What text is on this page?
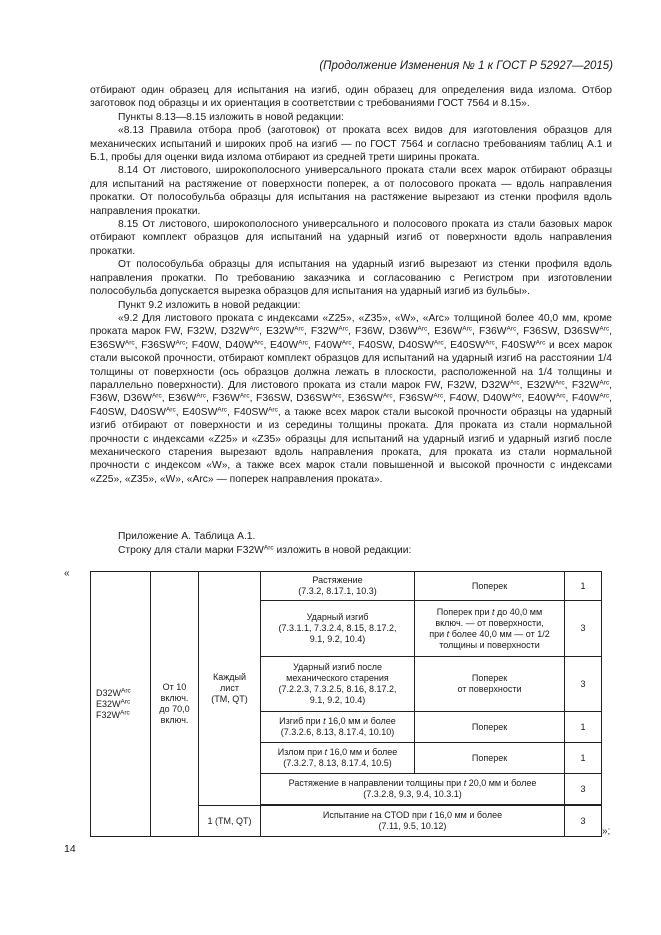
(Продолжение Изменения № 1 к ГОСТ Р 52927—2015)

отбирают один образец для испытания на изгиб, один образец для определения вида излома. Отбор заготовок под образцы и их ориентация в соответствии с требованиями ГОСТ 7564 и 8.15».

Пункты 8.13—8.15 изложить в новой редакции:

«8.13 Правила отбора проб (заготовок) от проката всех видов для изготовления образцов для механических испытаний и широких проб на изгиб — по ГОСТ 7564 и согласно требованиям таблиц А.1 и Б.1, пробы для оценки вида излома отбирают из средней трети ширины проката.

8.14 От листового, широкополосного универсального проката стали всех марок отбирают образцы для испытаний на растяжение от поверхности поперек, а от полосового проката — вдоль направления прокатки. От полособульба образцы для испытания на растяжение вырезают из стенки профиля вдоль направления прокатки.

8.15 От листового, широкополосного универсального и полосового проката из стали базовых марок отбирают комплект образцов для испытаний на ударный изгиб от поверхности вдоль направления прокатки.

От полособульба образцы для испытания на ударный изгиб вырезают из стенки профиля вдоль направления прокатки. По требованию заказчика и согласованию с Регистром при изготовлении полособульба допускается вырезка образцов для испытания на ударный изгиб из бульбы».

Пункт 9.2 изложить в новой редакции:

«9.2 Для листового проката с индексами «Z25», «Z35», «W», «Arc» толщиной более 40,0 мм, кроме проката марок FW, F32W, $D32W^{Arc}$, $E32W^{Arc}$, $F32W^{Arc}$, F36W, $D36W^{Arc}$, $E36W^{Arc}$, $F36W^{Arc}$, F36SW, $D36SW^{Arc}$, $E36SW^{Arc}$, $F36SW^{Arc}$; F40W, $D40W^{Arc}$, $E40W^{Arc}$, $F40W^{Arc}$, F40SW, $D40SW^{Arc}$, $E40SW^{Arc}$, $F40SW^{Arc}$ и всех марок стали высокой прочности, отбирают комплект образцов для испытаний на ударный изгиб на расстоянии 1/4 толщины от поверхности (ось образцов должна лежать в плоскости, расположенной на 1/4 толщины и параллельно поверхности). Для листового проката из стали марок FW, F32W, $D32W^{Arc}$, $E32W^{Arc}$, $F32W^{Arc}$, F36W, $D36W^{Arc}$, $E36W^{Arc}$, $F36W^{Arc}$, F36SW, $D36SW^{Arc}$, $E36SW^{Arc}$, $F36SW^{Arc}$, F40W, $D40W^{Arc}$, $E40W^{Arc}$, $F40W^{Arc}$, F40SW, $D40SW^{Arc}$, $E40SW^{Arc}$, $F40SW^{Arc}$, а также всех марок стали высокой прочности образцы на ударный изгиб отбирают от поверхности и из середины толщины проката. Для проката из стали нормальной прочности с индексами «Z25» и «Z35» образцы для испытаний на ударный изгиб и ударный изгиб после механического старения вырезают вдоль направления проката, для проката из стали нормальной прочности с индексом «W», а также всех марок стали повышенной и высокой прочности с индексами «Z25», «Z35», «W», «Arc» — поперек направления проката».

Приложение А. Таблица А.1.
Строку для стали марки $F32W^{Arc}$ изложить в новой редакции:
«
$D32W^{Arc}$
$E32W^{Arc}$
$F32W^{Arc}$	От 10
включ.
до 70,0
включ.	Каждый
лист
(ТМ, QT)	Растяжение
(7.3.2, 8.17.1, 10.3)	Поперек	1
			Ударный изгиб
(7.3.1.1, 7.3.2.4, 8.15, 8.17.2,
9.1, 9.2, 10.4)	Поперек при t до 40,0 мм
включ. — от поверхности,
при t более 40,0 мм — от 1/2
толщины и поверхности	3
			Ударный изгиб после
механического старения
(7.2.2.3, 7.3.2.5, 8.16, 8.17.2,
9.1, 9.2, 10.4)	Поперек
от поверхности	3
			Изгиб при t 16,0 мм и более
(7.3.2.6, 8.13, 8.17.4, 10.10)	Поперек	1
			Излом при t 16,0 мм и более
(7.3.2.7, 8.13, 8.17.4, 10.5)	Поперек	1
			Растяжение в направлении толщины при t 20,0 мм и более
(7.3.2.8, 9.3, 9.4, 10.3.1)		3

		1 (ТМ, QT)	Испытание на CTOD при t 16,0 мм и более
(7.11, 9.5, 10.12)		3
»;
14
